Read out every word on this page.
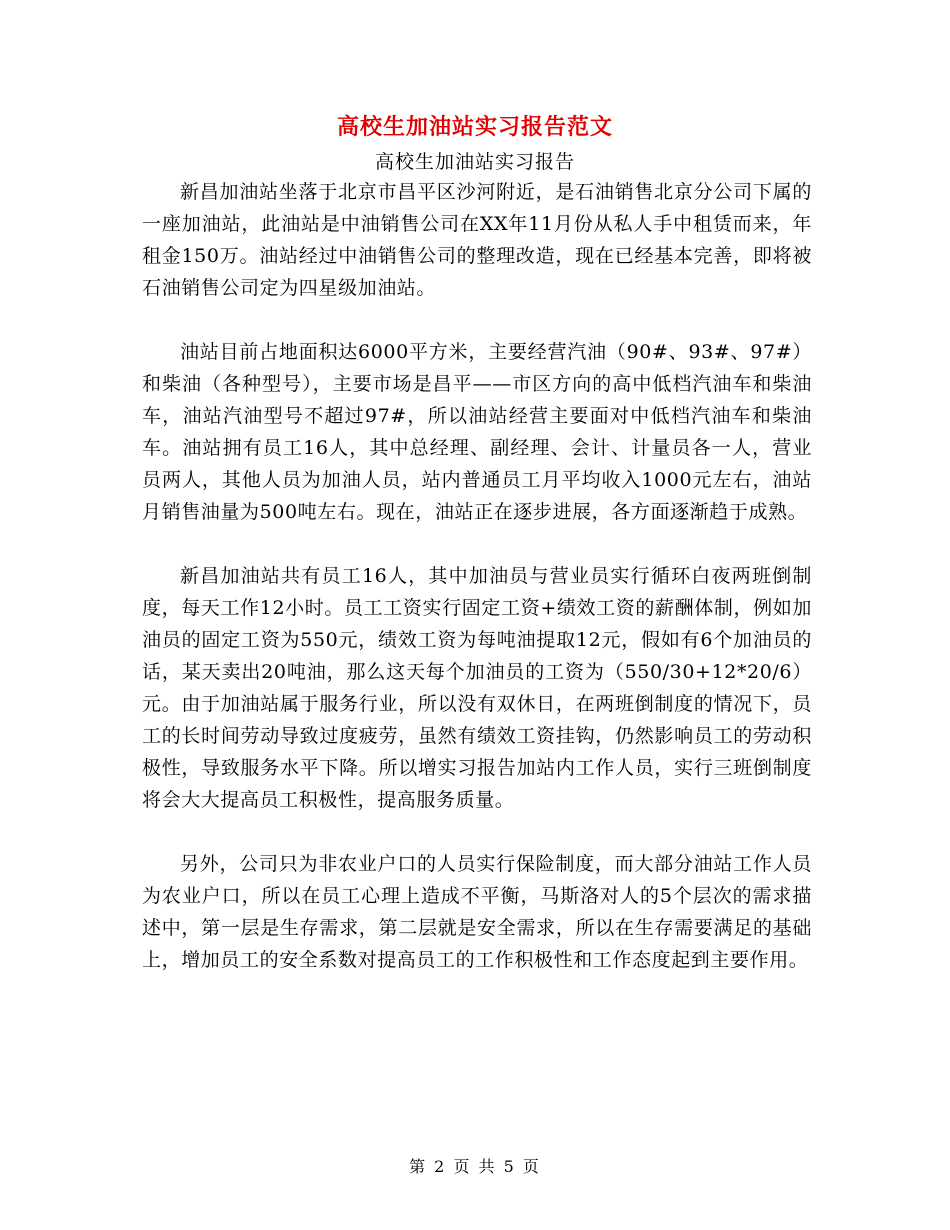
高校生加油站实习报告范文
高校生加油站实习报告

新昌加油站坐落于北京市昌平区沙河附近，是石油销售北京分公司下属的一座加油站，此油站是中油销售公司在XX年11月份从私人手中租赁而来，年租金150万。油站经过中油销售公司的整理改造，现在已经基本完善，即将被石油销售公司定为四星级加油站。

油站目前占地面积达6000平方米，主要经营汽油（90#、93#、97#）和柴油（各种型号），主要市场是昌平——市区方向的高中低档汽油车和柴油车，油站汽油型号不超过97#，所以油站经营主要面对中低档汽油车和柴油车。油站拥有员工16人，其中总经理、副经理、会计、计量员各一人，营业员两人，其他人员为加油人员，站内普通员工月平均收入1000元左右，油站月销售油量为500吨左右。现在，油站正在逐步进展，各方面逐渐趋于成熟。

新昌加油站共有员工16人，其中加油员与营业员实行循环白夜两班倒制度，每天工作12小时。员工工资实行固定工资+绩效工资的薪酬体制，例如加油员的固定工资为550元，绩效工资为每吨油提取12元，假如有6个加油员的话，某天卖出20吨油，那么这天每个加油员的工资为（550/30+12*20/6）元。由于加油站属于服务行业，所以没有双休日，在两班倒制度的情况下，员工的长时间劳动导致过度疲劳，虽然有绩效工资挂钩，仍然影响员工的劳动积极性，导致服务水平下降。所以增实习报告加站内工作人员，实行三班倒制度将会大大提高员工积极性，提高服务质量。

另外，公司只为非农业户口的人员实行保险制度，而大部分油站工作人员为农业户口，所以在员工心理上造成不平衡，马斯洛对人的5个层次的需求描述中，第一层是生存需求，第二层就是安全需求，所以在生存需要满足的基础上，增加员工的安全系数对提高员工的工作积极性和工作态度起到主要作用。

第 2 页 共 5 页
